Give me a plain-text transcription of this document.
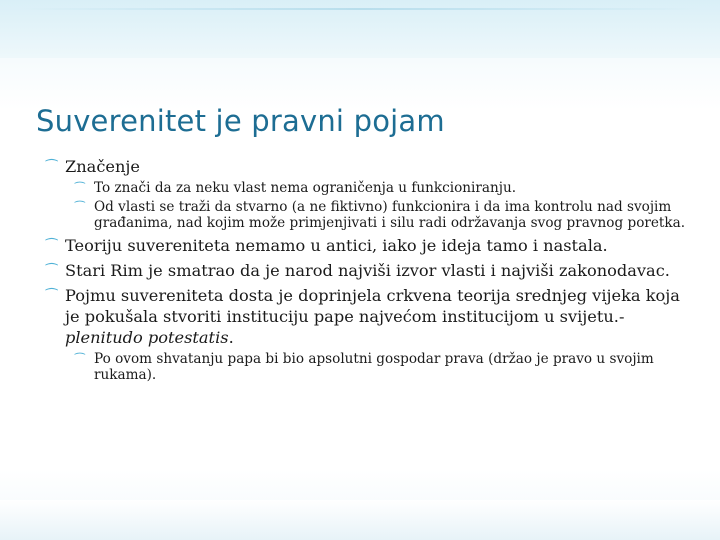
Suverenitet je pravni pojam
⁀ Značenje
⁀ To znači da za neku vlast nema ograničenja u funkcioniranju.
⁀ Od vlasti se traži da stvarno (a ne fiktivno) funkcionira i da ima kontrolu nad svojim građanima, nad kojim može primjenjivati i silu radi održavanja svog pravnog poretka.
⁀ Teoriju suvereniteta nemamo u antici, iako je ideja tamo i nastala.
⁀ Stari Rim je smatrao da je narod najviši izvor vlasti i najviši zakonodavac.
⁀ Pojmu suvereniteta dosta je doprinjela crkvena teorija srednjeg vijeka koja je pokušala stvoriti instituciju pape najvećom institucijom u svijetu.- plenitudo potestatis.
⁀ Po ovom shvatanju papa bi bio apsolutni gospodar prava (držao je pravo u svojim rukama).
